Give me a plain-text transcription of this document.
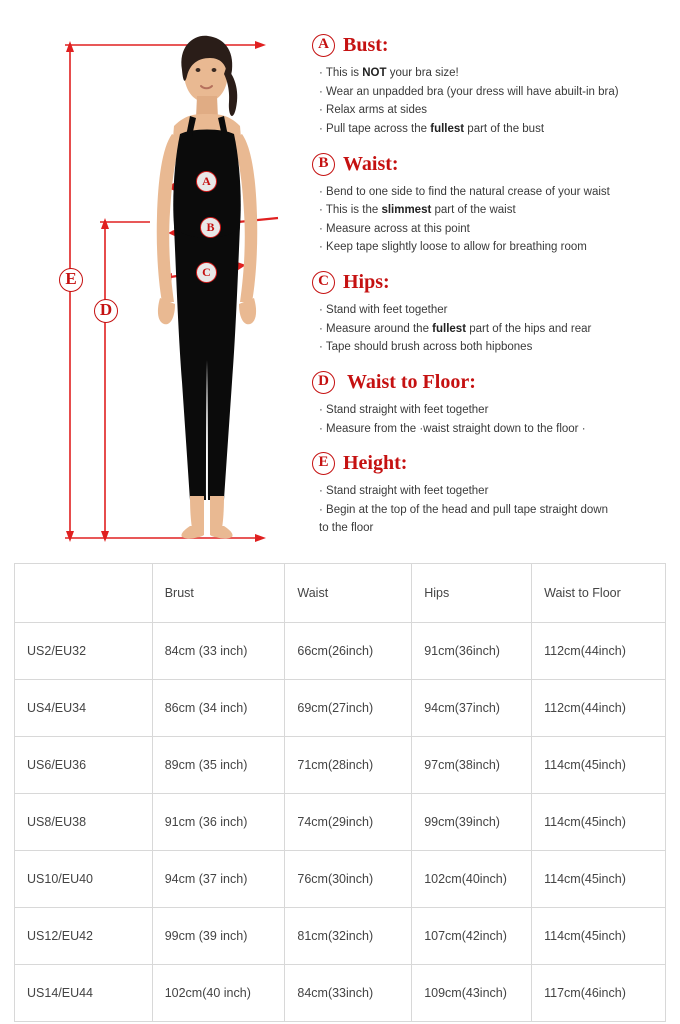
A
B
C
E
D
A Bust:
· This is NOT your bra size!
· Wear an unpadded bra (your dress will have abuilt-in bra)
· Relax arms at sides
· Pull tape across the fullest part of the bust
B Waist:
· Bend to one side to find the natural crease of your waist
· This is the slimmest part of the waist
· Measure across at this point
· Keep tape slightly loose to allow for breathing room
C Hips:
· Stand with feet together
· Measure around the fullest part of the hips and rear
· Tape should brush across both hipbones
D Waist to Floor:
· Stand straight with feet together
· Measure from the ·waist straight down to the floor ·
E Height:
· Stand straight with feet together
· Begin at the top of the head and pull tape straight down to the floor
	Brust	Waist	Hips	Waist to Floor
US2/EU32	84cm (33 inch)	66cm(26inch)	91cm(36inch)	112cm(44inch)
US4/EU34	86cm (34 inch)	69cm(27inch)	94cm(37inch)	112cm(44inch)
US6/EU36	89cm (35 inch)	71cm(28inch)	97cm(38inch)	114cm(45inch)
US8/EU38	91cm (36 inch)	74cm(29inch)	99cm(39inch)	114cm(45inch)
US10/EU40	94cm (37 inch)	76cm(30inch)	102cm(40inch)	114cm(45inch)
US12/EU42	99cm (39 inch)	81cm(32inch)	107cm(42inch)	114cm(45inch)
US14/EU44	102cm(40 inch)	84cm(33inch)	109cm(43inch)	117cm(46inch)
